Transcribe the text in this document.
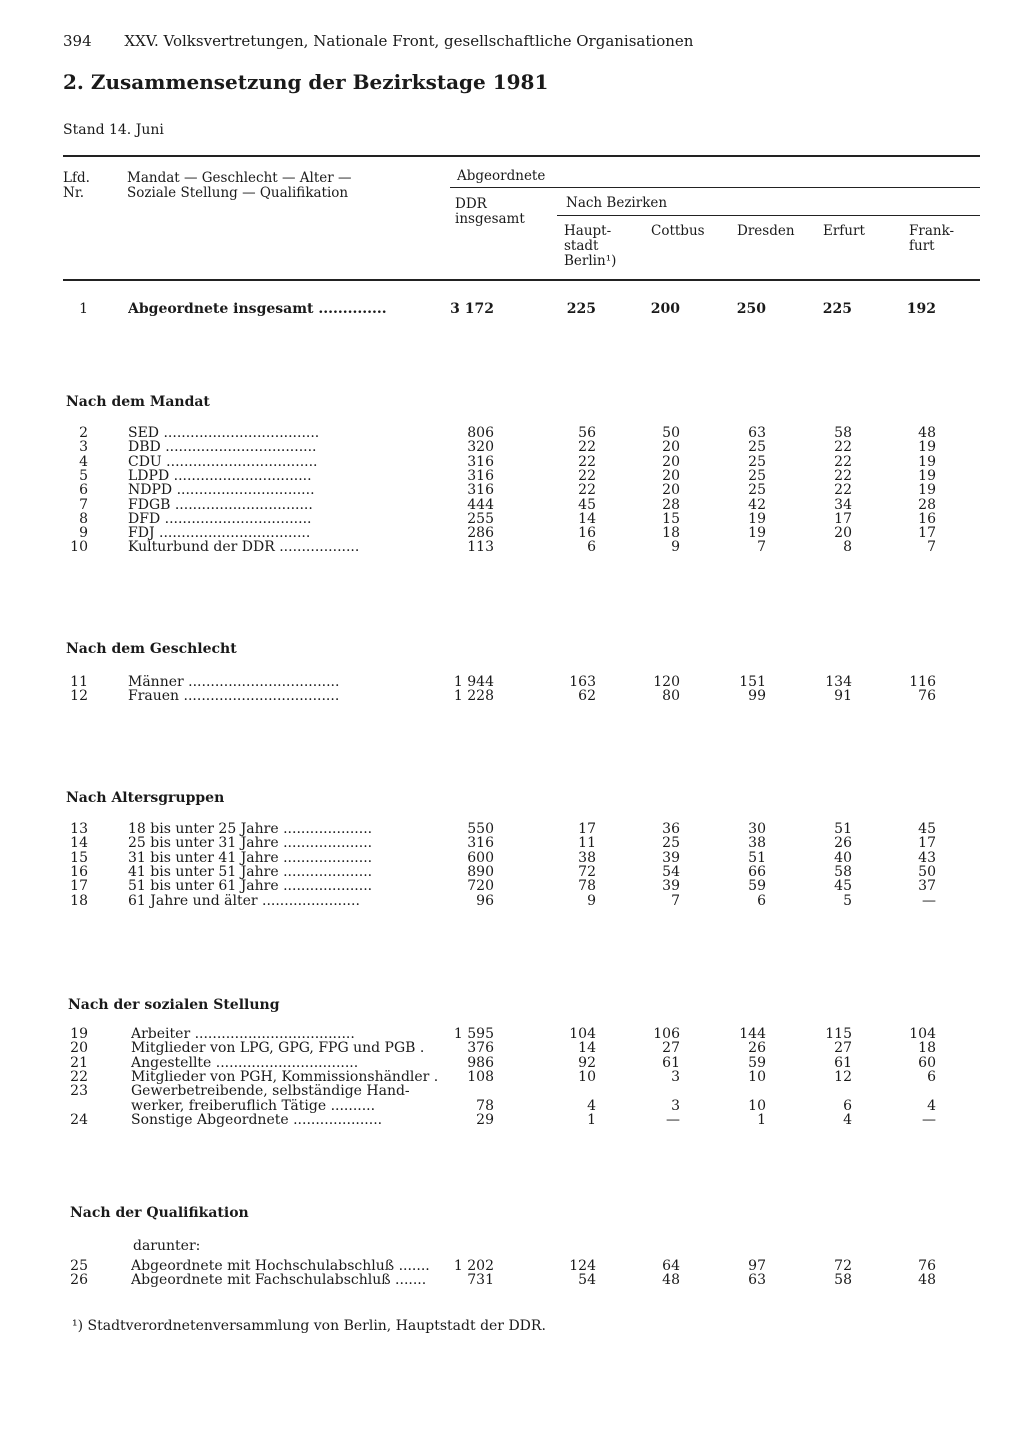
394 XXV. Volksvertretungen, Nationale Front, gesellschaftliche Organisationen
2. Zusammensetzung der Bezirkstage 1981
Stand 14. Juni
Lfd.
Nr.
Mandat — Geschlecht — Alter —
Soziale Stellung — Qualifikation
Abgeordnete
DDR
insgesamt
Nach Bezirken
Haupt-
stadt
Berlin¹)
Cottbus Dresden Erfurt	Frank-
furt
1	Abgeordnete insgesamt ..............	3 172	225	200	250	225	192
Nach dem Mandat
2	SED ...................................	806	56	50	63	58	48
3	DBD ..................................	320	22	20	25	22	19
4	CDU ..................................	316	22	20	25	22	19
5	LDPD ...............................	316	22	20	25	22	19
6	NDPD ...............................	316	22	20	25	22	19
7	FDGB ...............................	444	45	28	42	34	28
8	DFD .................................	255	14	15	19	17	16
9	FDJ ..................................	286	16	18	19	20	17
10	Kulturbund der DDR ..................	113	6	9	7	8	7
Nach dem Geschlecht
11	Männer ..................................	1 944	163	120	151	134	116
12	Frauen ...................................	1 228	62	80	99	91	76
Nach Altersgruppen
13	18 bis unter 25 Jahre ....................	550	17	36	30	51	45
14	25 bis unter 31 Jahre ....................	316	11	25	38	26	17
15	31 bis unter 41 Jahre ....................	600	38	39	51	40	43
16	41 bis unter 51 Jahre ....................	890	72	54	66	58	50
17	51 bis unter 61 Jahre ....................	720	78	39	59	45	37
18	61 Jahre und älter ......................	96	9	7	6	5	—
Nach der sozialen Stellung
19	Arbeiter ....................................	1 595	104	106	144	115	104
20	Mitglieder von LPG, GPG, FPG und PGB .	376	14	27	26	27	18
21	Angestellte ................................	986	92	61	59	61	60
22	Mitglieder von PGH, Kommissionshändler .	108	10	3	10	12	6
23	Gewerbetreibende, selbständige Hand-
werker, freiberuflich Tätige ..........	78	4	3	10	6	4
24	Sonstige Abgeordnete ....................	29	1	—	1	4	—
Nach der Qualifikation
darunter:
25	Abgeordnete mit Hochschulabschluß .......	1 202	124	64	97	72	76
26	Abgeordnete mit Fachschulabschluß .......	731	54	48	63	58	48
¹) Stadtverordnetenversammlung von Berlin, Hauptstadt der DDR.
